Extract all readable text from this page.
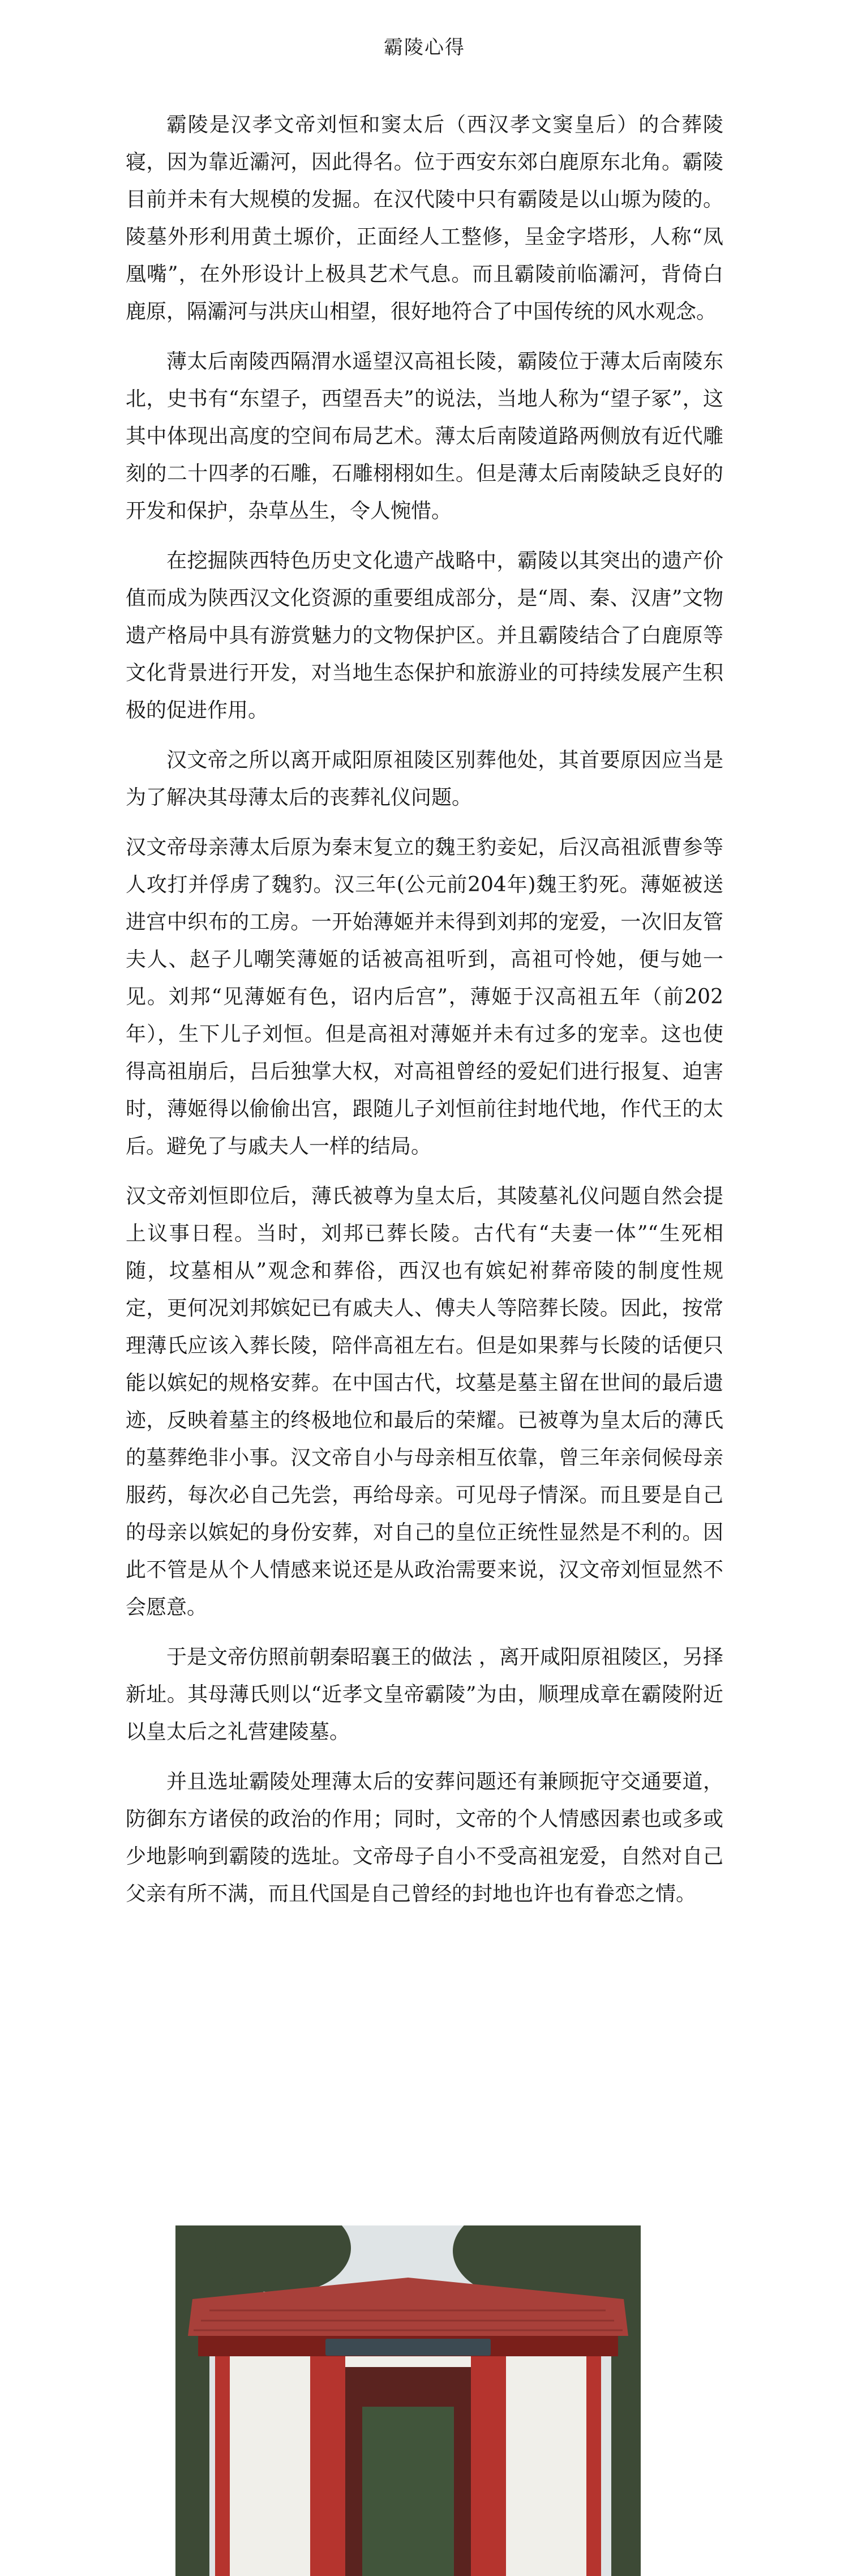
霸陵心得

霸陵是汉孝文帝刘恒和窦太后（西汉孝文窦皇后）的合葬陵寝，因为靠近灞河，因此得名。位于西安东郊白鹿原东北角。霸陵目前并未有大规模的发掘。在汉代陵中只有霸陵是以山塬为陵的。陵墓外形利用黄土塬价，正面经人工整修，呈金字塔形，人称“凤凰嘴”，在外形设计上极具艺术气息。而且霸陵前临灞河，背倚白鹿原，隔灞河与洪庆山相望，很好地符合了中国传统的风水观念。

薄太后南陵西隔渭水遥望汉高祖长陵，霸陵位于薄太后南陵东北，史书有“东望子，西望吾夫”的说法，当地人称为“望子冢”，这其中体现出高度的空间布局艺术。薄太后南陵道路两侧放有近代雕刻的二十四孝的石雕，石雕栩栩如生。但是薄太后南陵缺乏良好的开发和保护，杂草丛生，令人惋惜。

在挖掘陕西特色历史文化遗产战略中，霸陵以其突出的遗产价值而成为陕西汉文化资源的重要组成部分，是“周、秦、汉唐”文物遗产格局中具有游赏魅力的文物保护区。并且霸陵结合了白鹿原等文化背景进行开发，对当地生态保护和旅游业的可持续发展产生积极的促进作用。

汉文帝之所以离开咸阳原祖陵区别葬他处，其首要原因应当是为了解决其母薄太后的丧葬礼仪问题。

汉文帝母亲薄太后原为秦末复立的魏王豹妾妃，后汉高祖派曹参等人攻打并俘虏了魏豹。汉三年(公元前204年)魏王豹死。薄姬被送进宫中织布的工房。一开始薄姬并未得到刘邦的宠爱，一次旧友管夫人、赵子儿嘲笑薄姬的话被高祖听到，高祖可怜她，便与她一见。刘邦“见薄姬有色，诏内后宫”，薄姬于汉高祖五年（前202年），生下儿子刘恒。但是高祖对薄姬并未有过多的宠幸。这也使得高祖崩后，吕后独掌大权，对高祖曾经的爱妃们进行报复、迫害时，薄姬得以偷偷出宫，跟随儿子刘恒前往封地代地，作代王的太后。避免了与戚夫人一样的结局。

汉文帝刘恒即位后，薄氏被尊为皇太后，其陵墓礼仪问题自然会提上议事日程。当时，刘邦已葬长陵。古代有“夫妻一体”“生死相随，坟墓相从”观念和葬俗，西汉也有嫔妃祔葬帝陵的制度性规定，更何况刘邦嫔妃已有戚夫人、傅夫人等陪葬长陵。因此，按常理薄氏应该入葬长陵，陪伴高祖左右。但是如果葬与长陵的话便只能以嫔妃的规格安葬。在中国古代，坟墓是墓主留在世间的最后遗迹，反映着墓主的终极地位和最后的荣耀。已被尊为皇太后的薄氏的墓葬绝非小事。汉文帝自小与母亲相互依靠，曾三年亲伺候母亲服药，每次必自己先尝，再给母亲。可见母子情深。而且要是自己的母亲以嫔妃的身份安葬，对自己的皇位正统性显然是不利的。因此不管是从个人情感来说还是从政治需要来说，汉文帝刘恒显然不会愿意。

于是文帝仿照前朝秦昭襄王的做法 ，离开咸阳原祖陵区，另择新址。其母薄氏则以“近孝文皇帝霸陵”为由，顺理成章在霸陵附近以皇太后之礼营建陵墓。

并且选址霸陵处理薄太后的安葬问题还有兼顾扼守交通要道，防御东方诸侯的政治的作用；同时，文帝的个人情感因素也或多或少地影响到霸陵的选址。文帝母子自小不受高祖宠爱，自然对自己父亲有所不满，而且代国是自己曾经的封地也许也有眷恋之情。
